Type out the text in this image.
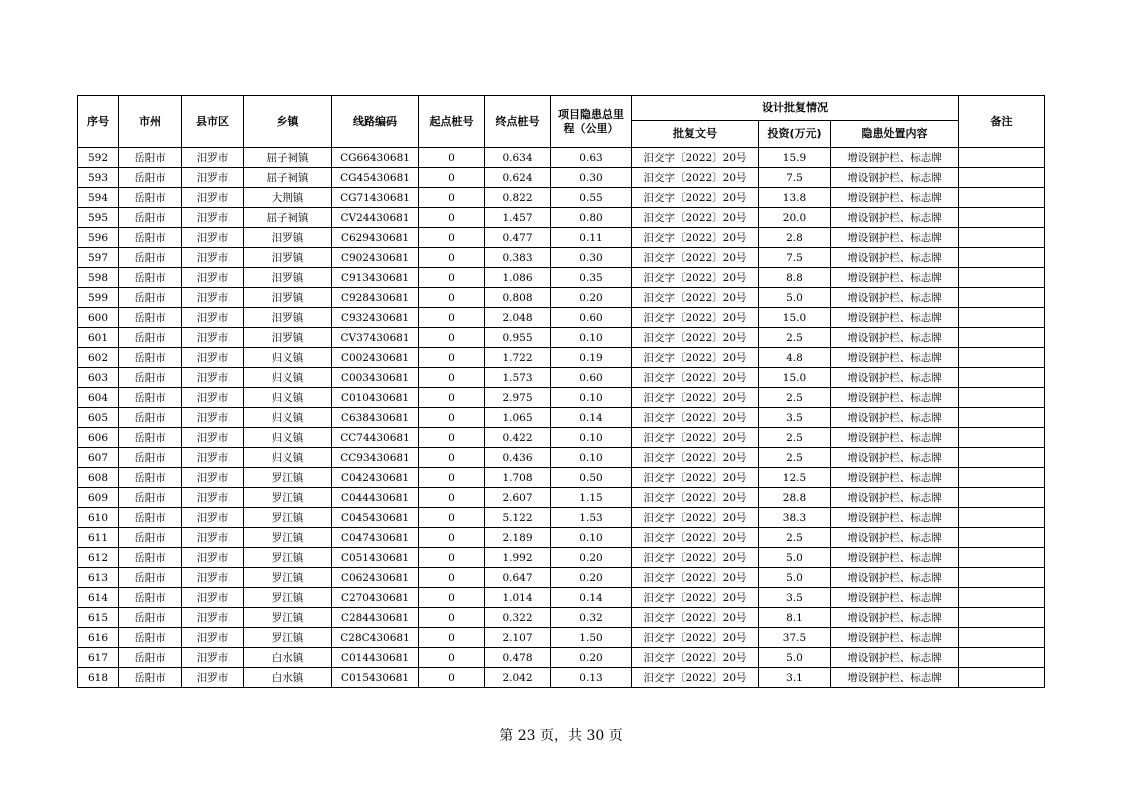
序号	市州	县市区	乡镇	线路编码	起点桩号	终点桩号	项目隐患总里程（公里）	设计批复情况			备注
								批复文号	投资(万元)	隐患处置内容	
592	岳阳市	汨罗市	屈子祠镇	CG66430681	0	0.634	0.63	汨交字〔2022〕20号	15.9	增设钢护栏、标志牌	
593	岳阳市	汨罗市	屈子祠镇	CG45430681	0	0.624	0.30	汨交字〔2022〕20号	7.5	增设钢护栏、标志牌	
594	岳阳市	汨罗市	大荆镇	CG71430681	0	0.822	0.55	汨交字〔2022〕20号	13.8	增设钢护栏、标志牌	
595	岳阳市	汨罗市	屈子祠镇	CV24430681	0	1.457	0.80	汨交字〔2022〕20号	20.0	增设钢护栏、标志牌	
596	岳阳市	汨罗市	汨罗镇	C629430681	0	0.477	0.11	汨交字〔2022〕20号	2.8	增设钢护栏、标志牌	
597	岳阳市	汨罗市	汨罗镇	C902430681	0	0.383	0.30	汨交字〔2022〕20号	7.5	增设钢护栏、标志牌	
598	岳阳市	汨罗市	汨罗镇	C913430681	0	1.086	0.35	汨交字〔2022〕20号	8.8	增设钢护栏、标志牌	
599	岳阳市	汨罗市	汨罗镇	C928430681	0	0.808	0.20	汨交字〔2022〕20号	5.0	增设钢护栏、标志牌	
600	岳阳市	汨罗市	汨罗镇	C932430681	0	2.048	0.60	汨交字〔2022〕20号	15.0	增设钢护栏、标志牌	
601	岳阳市	汨罗市	汨罗镇	CV37430681	0	0.955	0.10	汨交字〔2022〕20号	2.5	增设钢护栏、标志牌	
602	岳阳市	汨罗市	归义镇	C002430681	0	1.722	0.19	汨交字〔2022〕20号	4.8	增设钢护栏、标志牌	
603	岳阳市	汨罗市	归义镇	C003430681	0	1.573	0.60	汨交字〔2022〕20号	15.0	增设钢护栏、标志牌	
604	岳阳市	汨罗市	归义镇	C010430681	0	2.975	0.10	汨交字〔2022〕20号	2.5	增设钢护栏、标志牌	
605	岳阳市	汨罗市	归义镇	C638430681	0	1.065	0.14	汨交字〔2022〕20号	3.5	增设钢护栏、标志牌	
606	岳阳市	汨罗市	归义镇	CC74430681	0	0.422	0.10	汨交字〔2022〕20号	2.5	增设钢护栏、标志牌	
607	岳阳市	汨罗市	归义镇	CC93430681	0	0.436	0.10	汨交字〔2022〕20号	2.5	增设钢护栏、标志牌	
608	岳阳市	汨罗市	罗江镇	C042430681	0	1.708	0.50	汨交字〔2022〕20号	12.5	增设钢护栏、标志牌	
609	岳阳市	汨罗市	罗江镇	C044430681	0	2.607	1.15	汨交字〔2022〕20号	28.8	增设钢护栏、标志牌	
610	岳阳市	汨罗市	罗江镇	C045430681	0	5.122	1.53	汨交字〔2022〕20号	38.3	增设钢护栏、标志牌	
611	岳阳市	汨罗市	罗江镇	C047430681	0	2.189	0.10	汨交字〔2022〕20号	2.5	增设钢护栏、标志牌	
612	岳阳市	汨罗市	罗江镇	C051430681	0	1.992	0.20	汨交字〔2022〕20号	5.0	增设钢护栏、标志牌	
613	岳阳市	汨罗市	罗江镇	C062430681	0	0.647	0.20	汨交字〔2022〕20号	5.0	增设钢护栏、标志牌	
614	岳阳市	汨罗市	罗江镇	C270430681	0	1.014	0.14	汨交字〔2022〕20号	3.5	增设钢护栏、标志牌	
615	岳阳市	汨罗市	罗江镇	C284430681	0	0.322	0.32	汨交字〔2022〕20号	8.1	增设钢护栏、标志牌	
616	岳阳市	汨罗市	罗江镇	C28C430681	0	2.107	1.50	汨交字〔2022〕20号	37.5	增设钢护栏、标志牌	
617	岳阳市	汨罗市	白水镇	C014430681	0	0.478	0.20	汨交字〔2022〕20号	5.0	增设钢护栏、标志牌	
618	岳阳市	汨罗市	白水镇	C015430681	0	2.042	0.13	汨交字〔2022〕20号	3.1	增设钢护栏、标志牌	
第 23 页，共 30 页
